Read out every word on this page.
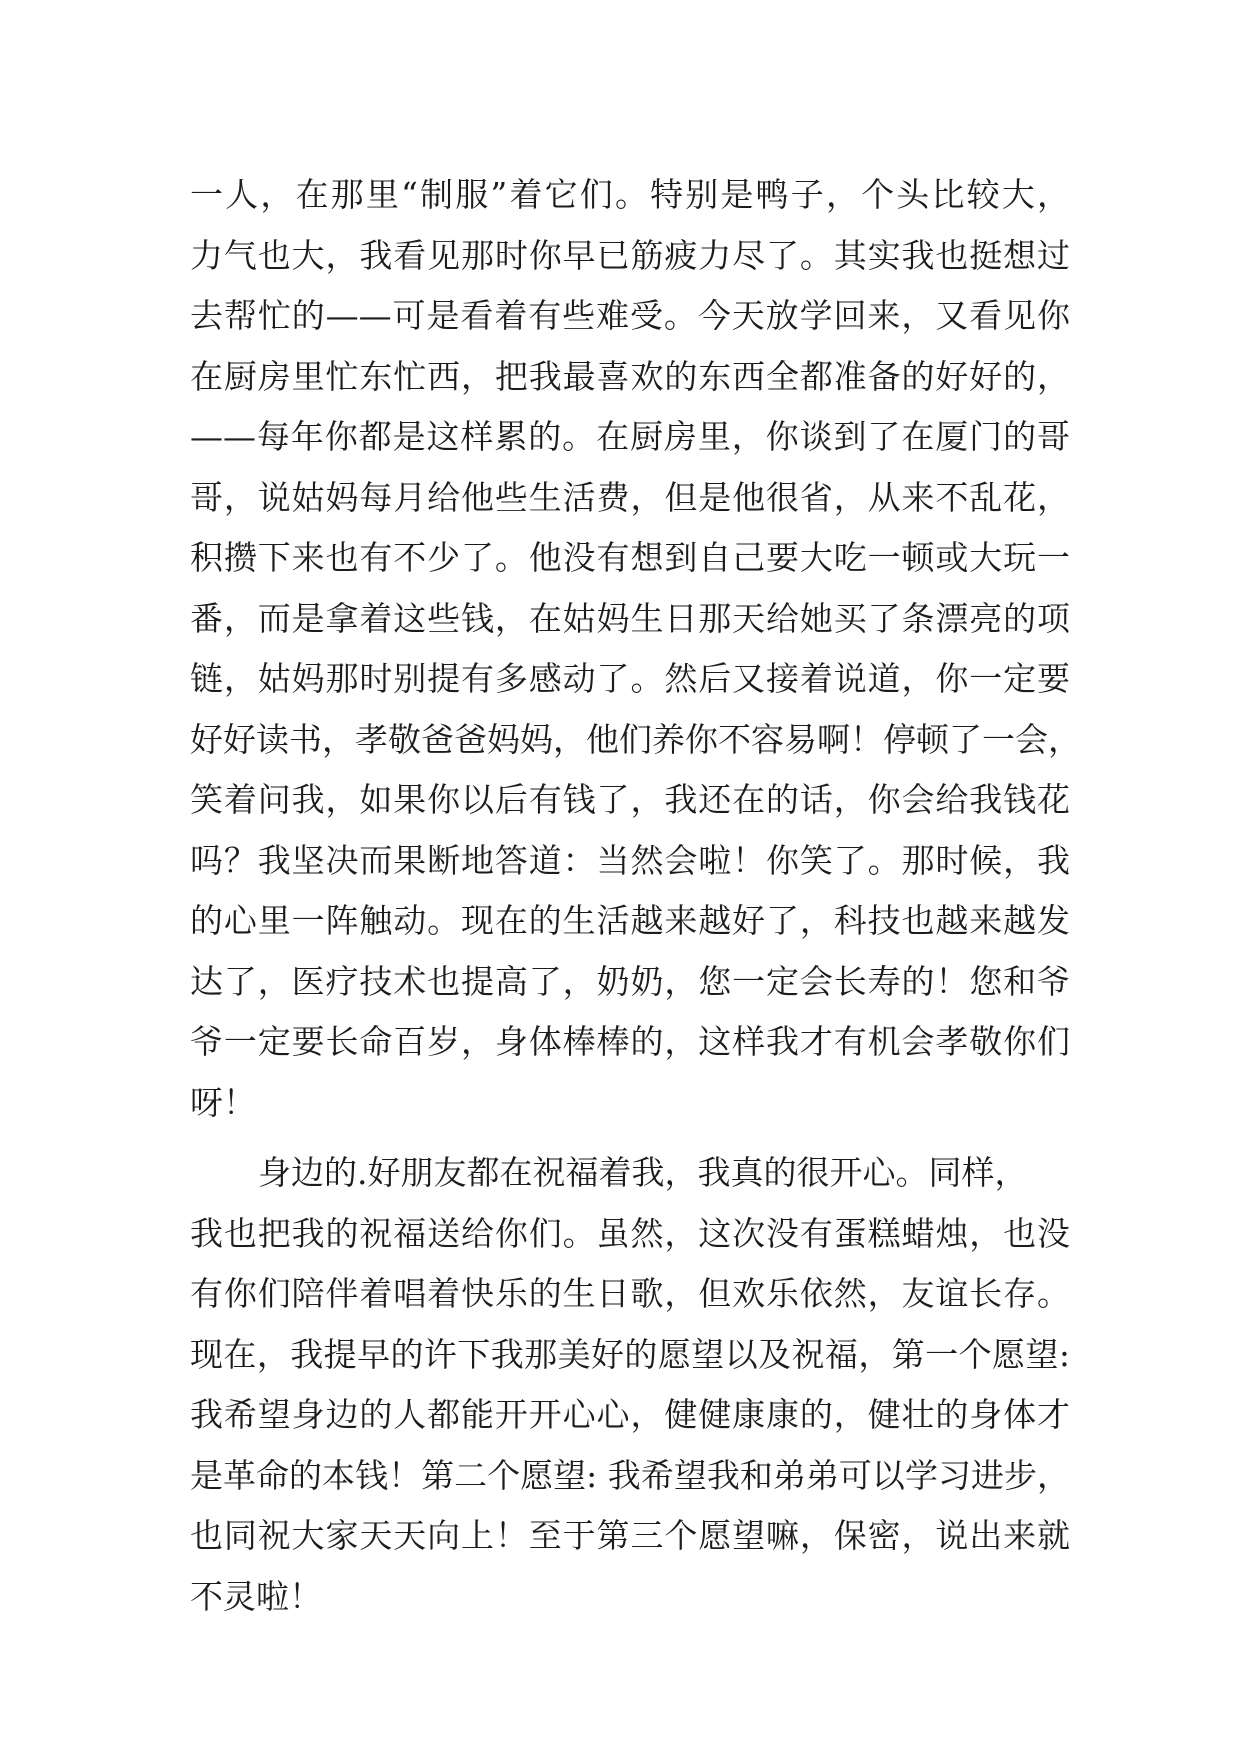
一人，在那里“制服”着它们。特别是鸭子，个头比较大，
力气也大，我看见那时你早已筋疲力尽了。其实我也挺想过
去帮忙的——可是看着有些难受。今天放学回来，又看见你
在厨房里忙东忙西，把我最喜欢的东西全都准备的好好的，
——每年你都是这样累的。在厨房里，你谈到了在厦门的哥
哥，说姑妈每月给他些生活费，但是他很省，从来不乱花，
积攒下来也有不少了。他没有想到自己要大吃一顿或大玩一
番，而是拿着这些钱，在姑妈生日那天给她买了条漂亮的项
链，姑妈那时别提有多感动了。然后又接着说道，你一定要
好好读书，孝敬爸爸妈妈，他们养你不容易啊！停顿了一会，
笑着问我，如果你以后有钱了，我还在的话，你会给我钱花
吗？我坚决而果断地答道：当然会啦！你笑了。那时候，我
的心里一阵触动。现在的生活越来越好了，科技也越来越发
达了，医疗技术也提高了，奶奶，您一定会长寿的！您和爷
爷一定要长命百岁，身体棒棒的，这样我才有机会孝敬你们
呀！
身边的.好朋友都在祝福着我，我真的很开心。同样，
我也把我的祝福送给你们。虽然，这次没有蛋糕蜡烛，也没
有你们陪伴着唱着快乐的生日歌，但欢乐依然，友谊长存。
现在，我提早的许下我那美好的愿望以及祝福，第一个愿望:
我希望身边的人都能开开心心，健健康康的，健壮的身体才
是革命的本钱！第二个愿望: 我希望我和弟弟可以学习进步，
也同祝大家天天向上！至于第三个愿望嘛，保密，说出来就
不灵啦！
